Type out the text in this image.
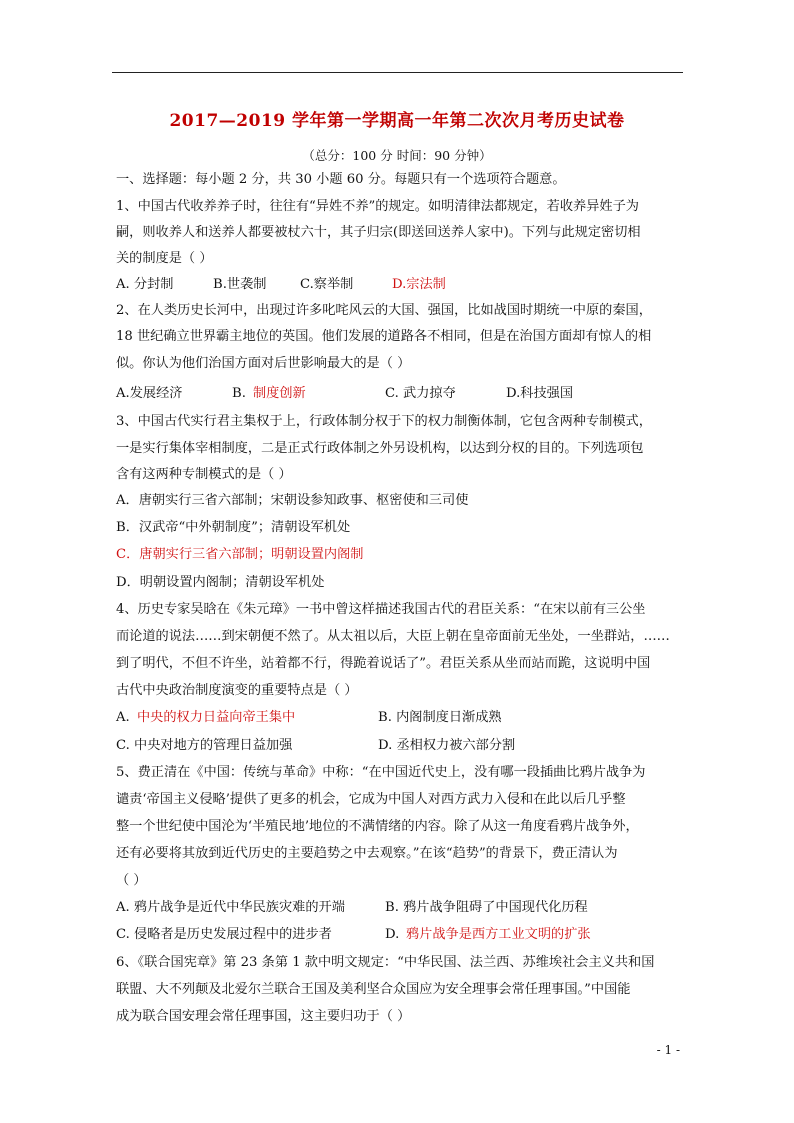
2017—2019 学年第一学期高一年第二次次月考历史试卷
（总分：100 分 时间：90 分钟）
一、选择题：每小题 2 分，共 30 小题 60 分。每题只有一个选项符合题意。
1、中国古代收养养子时，往往有“异姓不养”的规定。如明清律法都规定，若收养异姓子为
嗣，则收养人和送养人都要被杖六十，其子归宗(即送回送养人家中)。下列与此规定密切相
关的制度是（ ）
A. 分封制	B.世袭制	C.察举制	D.宗法制
2、在人类历史长河中，出现过许多叱咤风云的大国、强国，比如战国时期统一中原的秦国，
18 世纪确立世界霸主地位的英国。他们发展的道路各不相同，但是在治国方面却有惊人的相
似。你认为他们治国方面对后世影响最大的是（ ）
A.发展经济	B. 制度创新	C. 武力掠夺	D.科技强国
3、中国古代实行君主集权于上，行政体制分权于下的权力制衡体制，它包含两种专制模式，
一是实行集体宰相制度，二是正式行政体制之外另设机构，以达到分权的目的。下列选项包
含有这两种专制模式的是（ ）
A．唐朝实行三省六部制；宋朝设参知政事、枢密使和三司使
B．汉武帝“中外朝制度”；清朝设军机处
C．唐朝实行三省六部制；明朝设置内阁制
D．明朝设置内阁制；清朝设军机处
4、历史专家吴晗在《朱元璋》一书中曾这样描述我国古代的君臣关系：“在宋以前有三公坐
而论道的说法……到宋朝便不然了。从太祖以后，大臣上朝在皇帝面前无坐处，一坐群站，……
到了明代，不但不许坐，站着都不行，得跪着说话了”。君臣关系从坐而站而跪，这说明中国
古代中央政治制度演变的重要特点是（ ）
A. 中央的权力日益向帝王集中	B. 内阁制度日渐成熟
C. 中央对地方的管理日益加强	D. 丞相权力被六部分割
5、费正清在《中国：传统与革命》中称：“在中国近代史上，没有哪一段插曲比鸦片战争为
谴责‘帝国主义侵略’提供了更多的机会，它成为中国人对西方武力入侵和在此以后几乎整
整一个世纪使中国沦为‘半殖民地’地位的不满情绪的内容。除了从这一角度看鸦片战争外，
还有必要将其放到近代历史的主要趋势之中去观察。”在该“趋势”的背景下，费正清认为
（ ）
A. 鸦片战争是近代中华民族灾难的开端	B. 鸦片战争阻碍了中国现代化历程
C. 侵略者是历史发展过程中的进步者	D. 鸦片战争是西方工业文明的扩张
6、《联合国宪章》第 23 条第 1 款中明文规定：“中华民国、法兰西、苏维埃社会主义共和国
联盟、大不列颠及北爱尔兰联合王国及美利坚合众国应为安全理事会常任理事国。”中国能
成为联合国安理会常任理事国，这主要归功于（ ）
- 1 -
